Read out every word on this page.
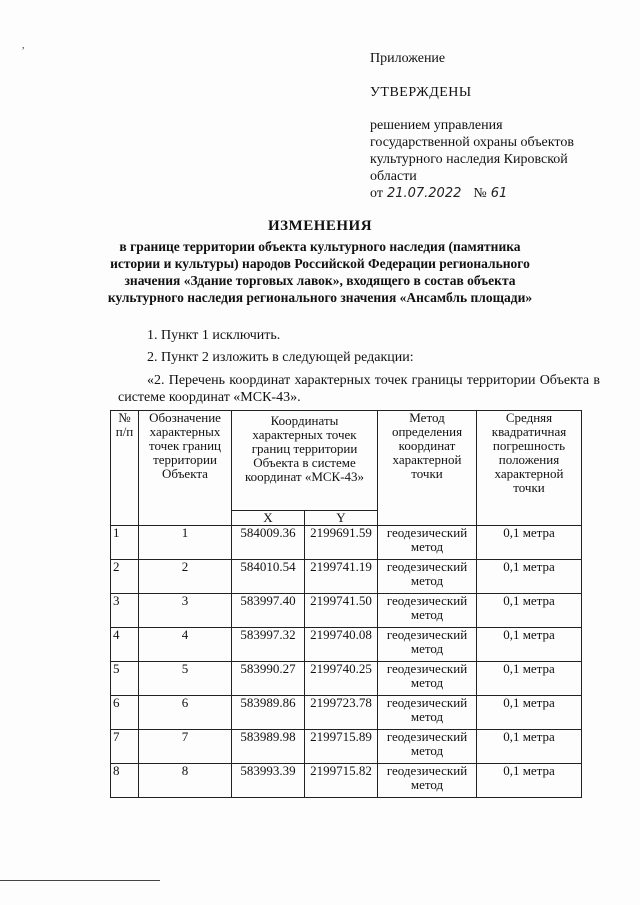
,
Приложение
УТВЕРЖДЕНЫ
решением управления
государственной охраны объектов
культурного наследия Кировской
области
от 21.07.2022 № 61
ИЗМЕНЕНИЯ
в границе территории объекта культурного наследия (памятника
истории и культуры) народов Российской Федерации регионального
значения «Здание торговых лавок», входящего в состав объекта
культурного наследия регионального значения «Ансамбль площади»
1. Пункт 1 исключить.
2. Пункт 2 изложить в следующей редакции:
«2. Перечень координат характерных точек границы территории Объекта в системе координат «МСК-43».
№ п/п	Обозначение характерных точек границ территории Объекта	Координаты характерных точек границ территории Объекта в системе координат «МСК-43»		Метод определения координат характерной точки	Средняя квадратичная погрешность положения характерной точки
		X	Y		
1	1	584009.36	2199691.59	геодезический метод	0,1 метра
2	2	584010.54	2199741.19	геодезический метод	0,1 метра
3	3	583997.40	2199741.50	геодезический метод	0,1 метра
4	4	583997.32	2199740.08	геодезический метод	0,1 метра
5	5	583990.27	2199740.25	геодезический метод	0,1 метра
6	6	583989.86	2199723.78	геодезический метод	0,1 метра
7	7	583989.98	2199715.89	геодезический метод	0,1 метра
8	8	583993.39	2199715.82	геодезический метод	0,1 метра
